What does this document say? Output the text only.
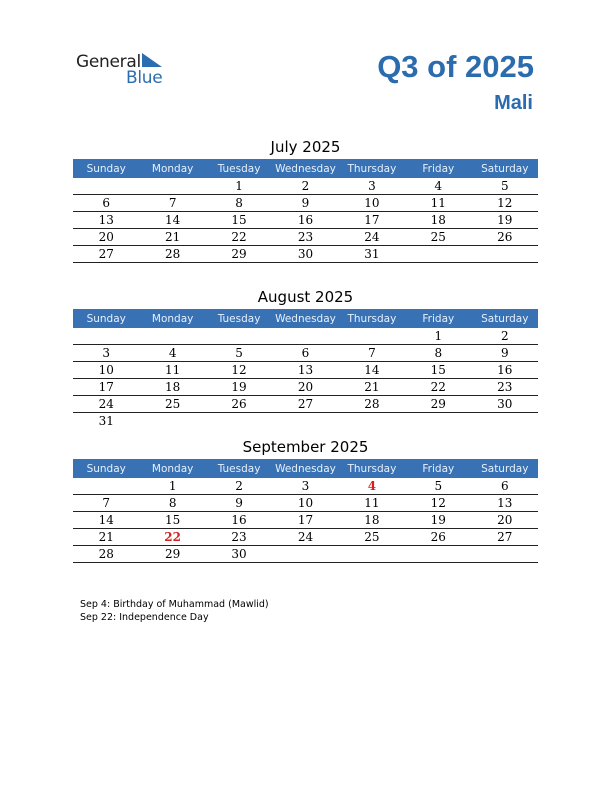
General
Blue	Q3 of 2025
Mali
July 2025
Sunday	Monday	Tuesday	Wednesday	Thursday	Friday	Saturday
		1	2	3	4	5
6	7	8	9	10	11	12
13	14	15	16	17	18	19
20	21	22	23	24	25	26
27	28	29	30	31		
August 2025
Sunday	Monday	Tuesday	Wednesday	Thursday	Friday	Saturday
					1	2
3	4	5	6	7	8	9
10	11	12	13	14	15	16
17	18	19	20	21	22	23
24	25	26	27	28	29	30
31						
September 2025
Sunday	Monday	Tuesday	Wednesday	Thursday	Friday	Saturday
	1	2	3	4	5	6
7	8	9	10	11	12	13
14	15	16	17	18	19	20
21	22	23	24	25	26	27
28	29	30				
Sep 4: Birthday of Muhammad (Mawlid)
Sep 22: Independence Day
